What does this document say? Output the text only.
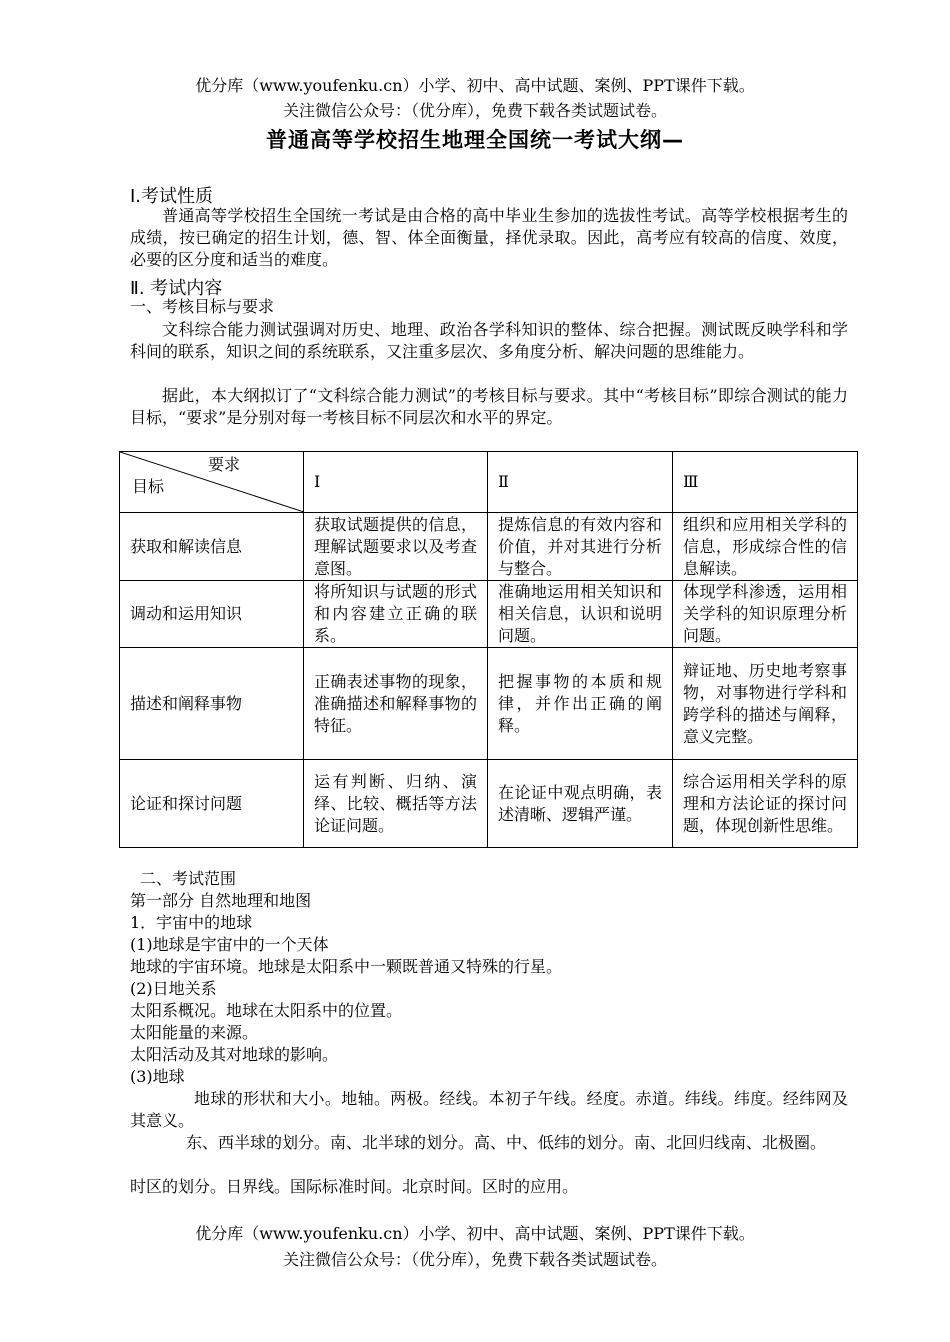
优分库（www.youfenku.cn）小学、初中、高中试题、案例、PPT课件下载。
关注微信公众号：（优分库），免费下载各类试题试卷。
普通高等学校招生地理全国统一考试大纲—
Ⅰ.考试性质
普通高等学校招生全国统一考试是由合格的高中毕业生参加的选拔性考试。高等学校根据考生的成绩，按已确定的招生计划，德、智、体全面衡量，择优录取。因此，高考应有较高的信度、效度，必要的区分度和适当的难度。
Ⅱ. 考试内容
一、考核目标与要求
文科综合能力测试强调对历史、地理、政治各学科知识的整体、综合把握。测试既反映学科和学科间的联系，知识之间的系统联系，又注重多层次、多角度分析、解决问题的思维能力。
据此，本大纲拟订了“文科综合能力测试”的考核目标与要求。其中“考核目标”即综合测试的能力目标，“要求”是分别对每一考核目标不同层次和水平的界定。
要求
目标	Ⅰ	Ⅱ	Ⅲ
获取和解读信息	获取试题提供的信息，理解试题要求以及考查意图。	提炼信息的有效内容和价值，并对其进行分析与整合。	组织和应用相关学科的信息，形成综合性的信息解读。
调动和运用知识	将所知识与试题的形式和内容建立正确的联系。	准确地运用相关知识和相关信息，认识和说明问题。	体现学科渗透，运用相关学科的知识原理分析问题。
描述和阐释事物	正确表述事物的现象，准确描述和解释事物的特征。	把握事物的本质和规律，并作出正确的阐释。	辩证地、历史地考察事物，对事物进行学科和跨学科的描述与阐释，意义完整。
论证和探讨问题	运有判断、归纳、演绎、比较、概括等方法论证问题。	在论证中观点明确，表述清晰、逻辑严谨。	综合运用相关学科的原理和方法论证的探讨问题，体现创新性思维。
二、考试范围
第一部分 自然地理和地图
1．宇宙中的地球
(1)地球是宇宙中的一个天体
地球的宇宙环境。地球是太阳系中一颗既普通又特殊的行星。
(2)日地关系
太阳系概况。地球在太阳系中的位置。
太阳能量的来源。
太阳活动及其对地球的影响。
(3)地球
地球的形状和大小。地轴。两极。经线。本初子午线。经度。赤道。纬线。纬度。经纬网及其意义。
东、西半球的划分。南、北半球的划分。高、中、低纬的划分。南、北回归线南、北极圈。
时区的划分。日界线。国际标准时间。北京时间。区时的应用。
优分库（www.youfenku.cn）小学、初中、高中试题、案例、PPT课件下载。
关注微信公众号：（优分库），免费下载各类试题试卷。
